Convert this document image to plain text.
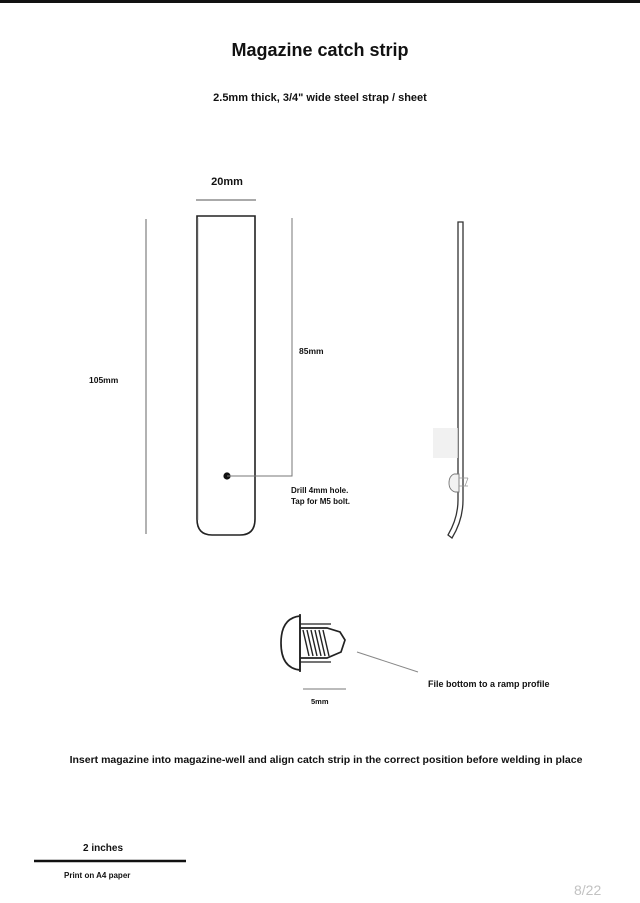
Magazine catch strip
2.5mm thick, 3/4" wide steel strap / sheet
20mm
105mm
85mm
Drill 4mm hole.
Tap for M5 bolt.
5mm
File bottom to a ramp profile
Insert magazine into magazine-well and align catch strip in the correct position before welding in place
2 inches
Print on A4 paper
8/22
